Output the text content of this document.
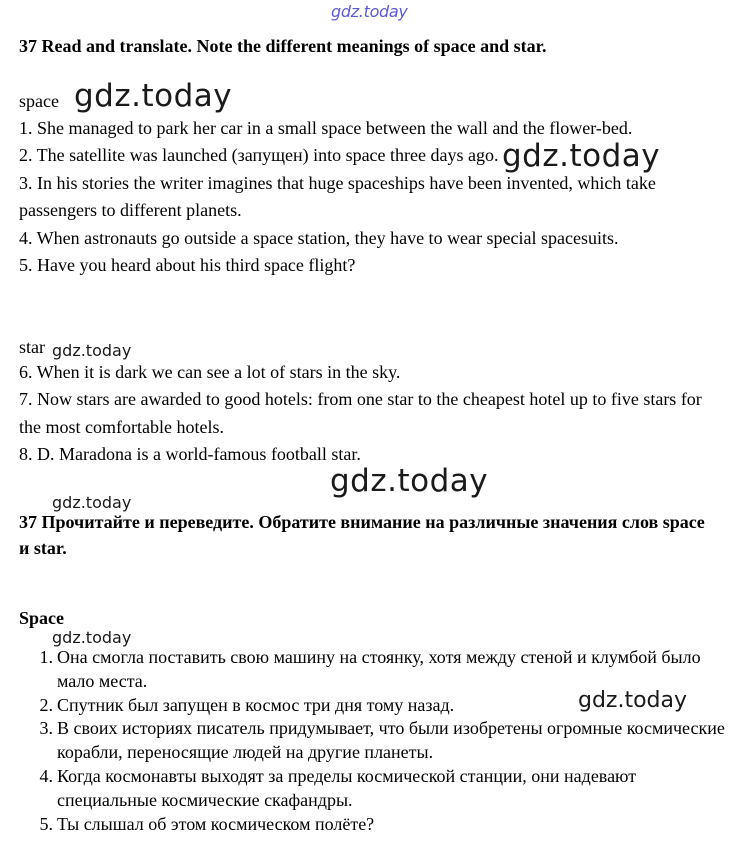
gdz.today
gdz.today
gdz.today
gdz.today
gdz.today
gdz.today
gdz.today
gdz.today
37 Read and translate. Note the different meanings of space and star.
space
1. She managed to park her car in a small space between the wall and the flower-bed.
2. The satellite was launched (запущен) into space three days ago.
3. In his stories the writer imagines that huge spaceships have been invented, which take passengers to different planets.
4. When astronauts go outside a space station, they have to wear special spacesuits.
5. Have you heard about his third space flight?
star
6. When it is dark we can see a lot of stars in the sky.
7. Now stars are awarded to good hotels: from one star to the cheapest hotel up to five stars for the most comfortable hotels.
8. D. Maradona is a world-famous football star.
37 Прочитайте и переведите. Обратите внимание на различные значения слов space и star.
Space
1. Она смогла поставить свою машину на стоянку, хотя между стеной и клумбой было мало места.
2. Спутник был запущен в космос три дня тому назад.
3. В своих историях писатель придумывает, что были изобретены огромные космические корабли, переносящие людей на другие планеты.
4. Когда космонавты выходят за пределы космической станции, они надевают специальные космические скафандры.
5. Ты слышал об этом космическом полёте?
